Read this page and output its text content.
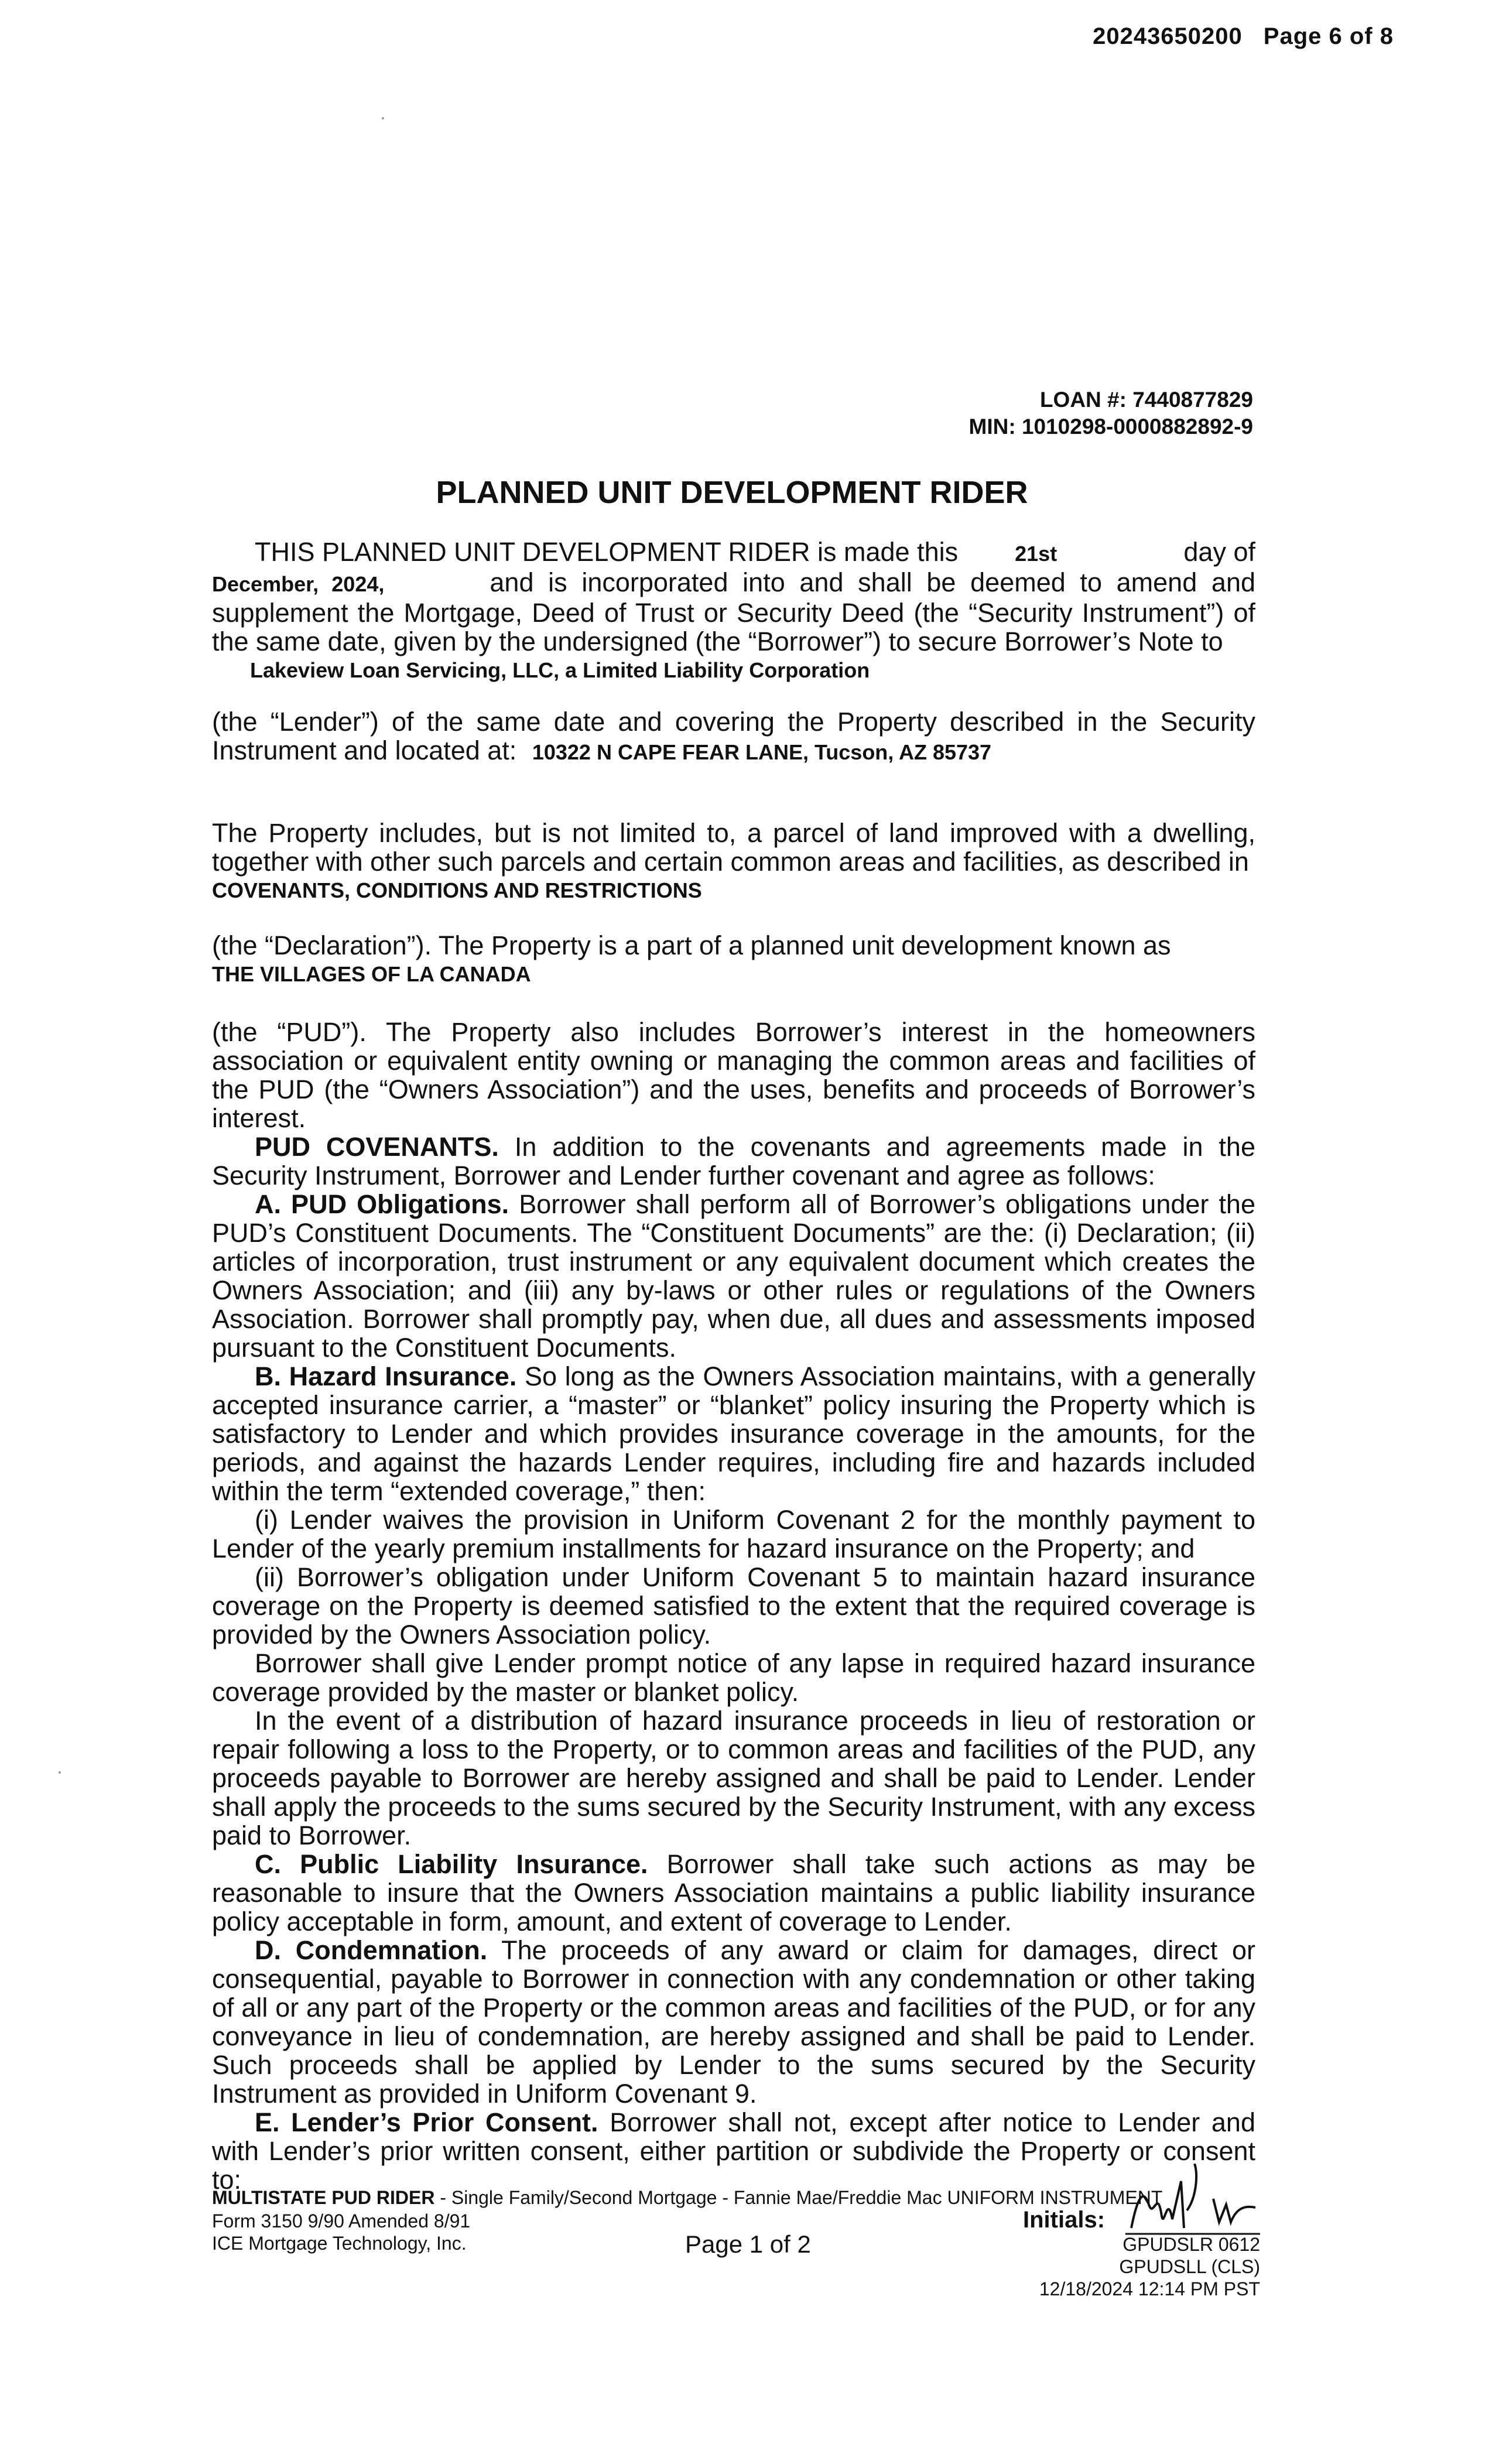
20243650200 Page 6 of 8
LOAN #: 7440877829
MIN: 1010298-0000882892-9
PLANNED UNIT DEVELOPMENT RIDER
THIS PLANNED UNIT DEVELOPMENT RIDER is made this	21st	day of

December, 2024,	and is incorporated into and shall be deemed to amend and supplement the Mortgage, Deed of Trust or Security Deed (the “Security Instrument”) of the same date, given by the undersigned (the “Borrower”) to secure Borrower’s Note to

Lakeview Loan Servicing, LLC, a Limited Liability Corporation

(the “Lender”) of the same date and covering the Property described in the Security Instrument and located at: 10322 N CAPE FEAR LANE, Tucson, AZ 85737

The Property includes, but is not limited to, a parcel of land improved with a dwelling, together with other such parcels and certain common areas and facilities, as described in

COVENANTS, CONDITIONS AND RESTRICTIONS

(the “Declaration”). The Property is a part of a planned unit development known as

THE VILLAGES OF LA CANADA

(the “PUD”). The Property also includes Borrower’s interest in the homeowners association or equivalent entity owning or managing the common areas and facilities of the PUD (the “Owners Association”) and the uses, benefits and proceeds of Borrower’s interest.

PUD COVENANTS. In addition to the covenants and agreements made in the Security Instrument, Borrower and Lender further covenant and agree as follows:

A. PUD Obligations. Borrower shall perform all of Borrower’s obligations under the PUD’s Constituent Documents. The “Constituent Documents” are the: (i) Declaration; (ii) articles of incorporation, trust instrument or any equivalent document which creates the Owners Association; and (iii) any by-laws or other rules or regulations of the Owners Association. Borrower shall promptly pay, when due, all dues and assessments imposed pursuant to the Constituent Documents.

B. Hazard Insurance. So long as the Owners Association maintains, with a generally accepted insurance carrier, a “master” or “blanket” policy insuring the Property which is satisfactory to Lender and which provides insurance coverage in the amounts, for the periods, and against the hazards Lender requires, including fire and hazards included within the term “extended coverage,” then:

(i) Lender waives the provision in Uniform Covenant 2 for the monthly payment to Lender of the yearly premium installments for hazard insurance on the Property; and

(ii) Borrower’s obligation under Uniform Covenant 5 to maintain hazard insurance coverage on the Property is deemed satisfied to the extent that the required coverage is provided by the Owners Association policy.

Borrower shall give Lender prompt notice of any lapse in required hazard insurance coverage provided by the master or blanket policy.

In the event of a distribution of hazard insurance proceeds in lieu of restoration or repair following a loss to the Property, or to common areas and facilities of the PUD, any proceeds payable to Borrower are hereby assigned and shall be paid to Lender. Lender shall apply the proceeds to the sums secured by the Security Instrument, with any excess paid to Borrower.

C. Public Liability Insurance. Borrower shall take such actions as may be reasonable to insure that the Owners Association maintains a public liability insurance policy acceptable in form, amount, and extent of coverage to Lender.

D. Condemnation. The proceeds of any award or claim for damages, direct or consequential, payable to Borrower in connection with any condemnation or other taking of all or any part of the Property or the common areas and facilities of the PUD, or for any conveyance in lieu of condemnation, are hereby assigned and shall be paid to Lender. Such proceeds shall be applied by Lender to the sums secured by the Security Instrument as provided in Uniform Covenant 9.

E. Lender’s Prior Consent. Borrower shall not, except after notice to Lender and with Lender’s prior written consent, either partition or subdivide the Property or consent to:

MULTISTATE PUD RIDER - Single Family/Second Mortgage - Fannie Mae/Freddie Mac UNIFORM INSTRUMENT
Form 3150 9/90 Amended 8/91
ICE Mortgage Technology, Inc.	Page 1 of 2
Initials:
GPUDSLR 0612
GPUDSLL (CLS)
12/18/2024 12:14 PM PST
